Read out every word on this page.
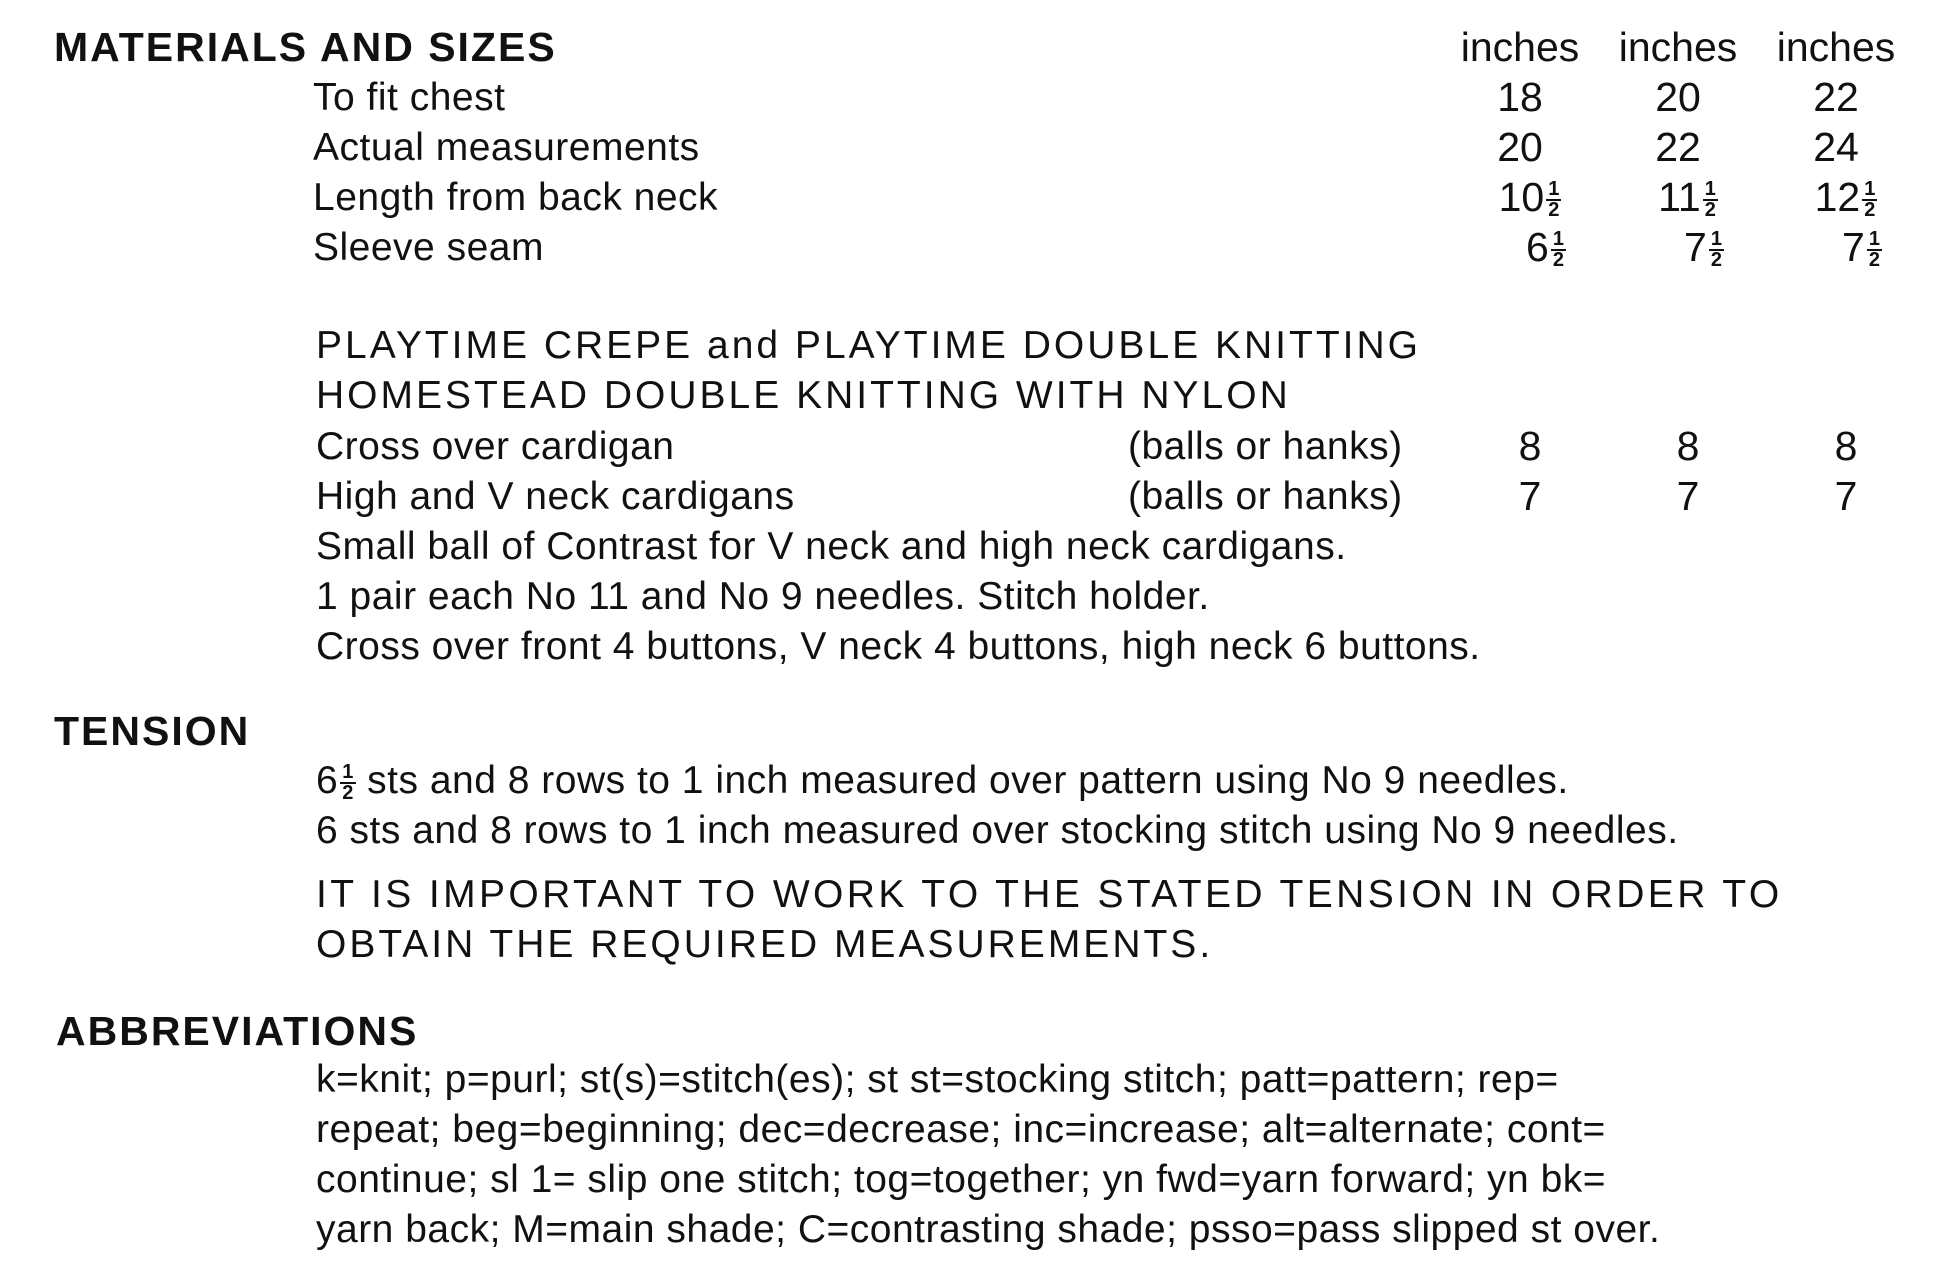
MATERIALS AND SIZES	inches inches inches
To fit chest	18	20	22
Actual measurements	20	22	24
Length from back neck	$10 \frac{1}{2}$	$11 \frac{1}{2}$	$12 \frac{1}{2}$
Sleeve seam	$6 \frac{1}{2}$	$7 \frac{1}{2}$	$7 \frac{1}{2}$
PLAYTIME CREPE and PLAYTIME DOUBLE KNITTING
HOMESTEAD DOUBLE KNITTING WITH NYLON
Cross over cardigan	(balls or hanks)	8	8	8
High and V neck cardigans	(balls or hanks)	7	7	7
Small ball of Contrast for V neck and high neck cardigans.
1 pair each No 11 and No 9 needles. Stitch holder.
Cross over front 4 buttons, V neck 4 buttons, high neck 6 buttons.
TENSION
$6 \frac{1}{2}$ sts and 8 rows to 1 inch measured over pattern using No 9 needles.
6 sts and 8 rows to 1 inch measured over stocking stitch using No 9 needles.
IT IS IMPORTANT TO WORK TO THE STATED TENSION IN ORDER TO
OBTAIN THE REQUIRED MEASUREMENTS.
ABBREVIATIONS
k=knit; p=purl; st(s)=stitch(es); st st=stocking stitch; patt=pattern; rep=
repeat; beg=beginning; dec=decrease; inc=increase; alt=alternate; cont=
continue; sl 1= slip one stitch; tog=together; yn fwd=yarn forward; yn bk=
yarn back; M=main shade; C=contrasting shade; psso=pass slipped st over.
